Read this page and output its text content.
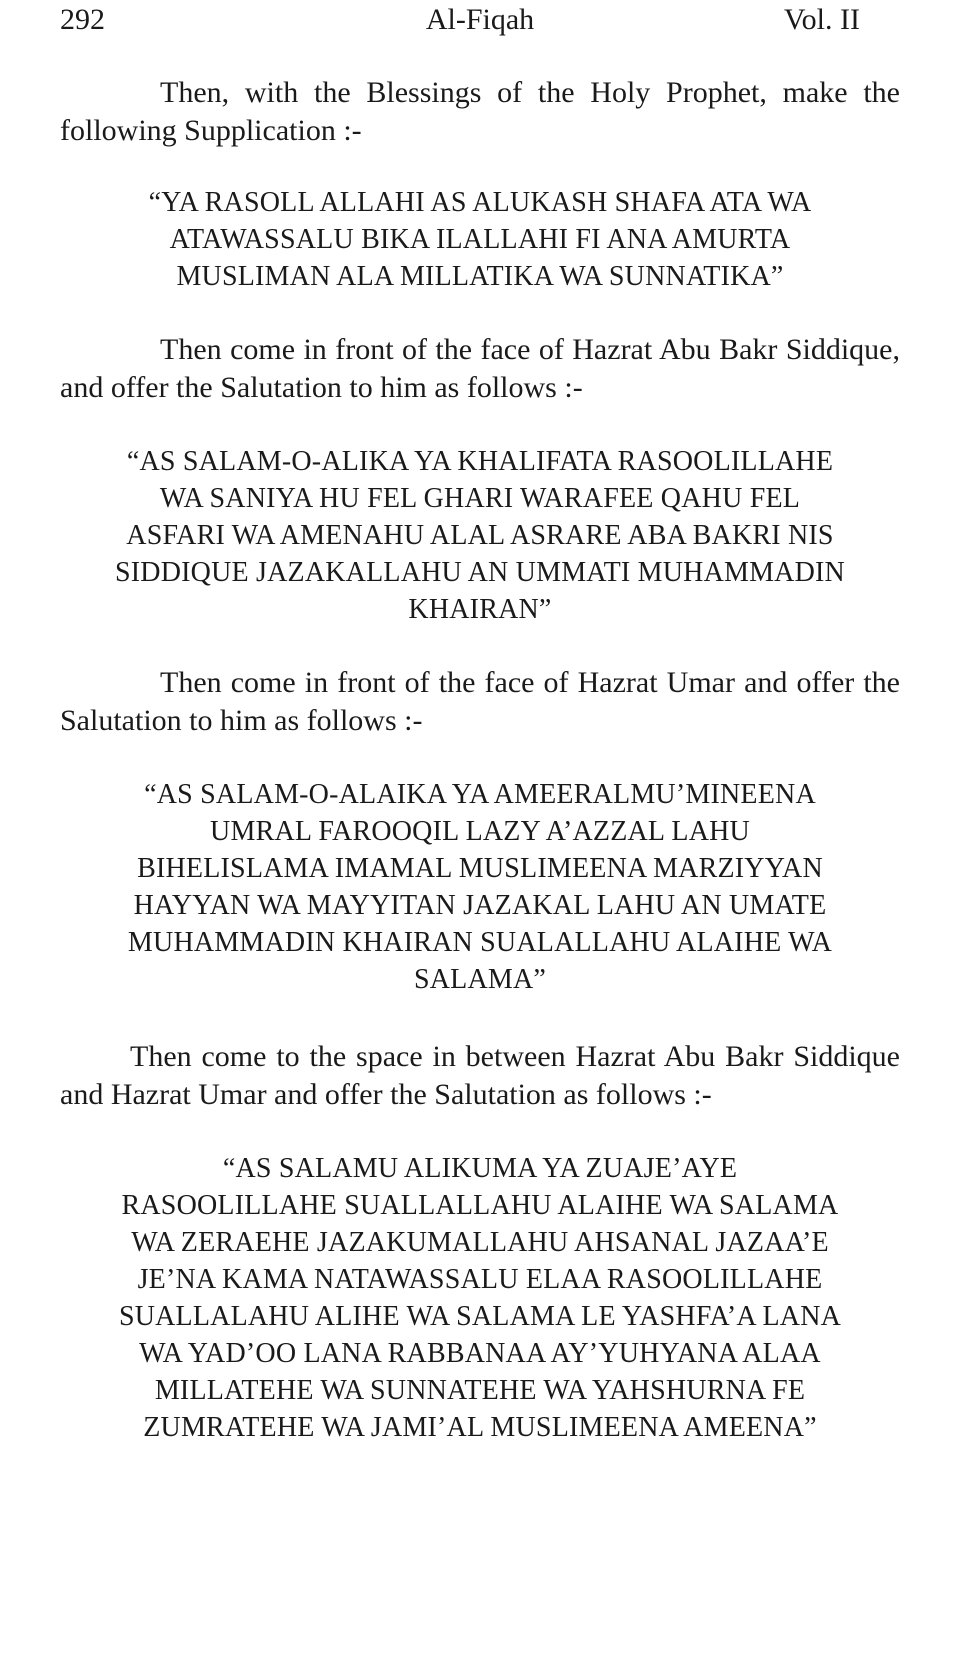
292	Al-Fiqah	Vol. II

Then, with the Blessings of the Holy Prophet, make the following Supplication :-

“YA RASOLL ALLAHI AS ALUKASH SHAFA ATA WA
ATAWASSALU BIKA ILALLAHI FI ANA AMURTA
MUSLIMAN ALA MILLATIKA WA SUNNATIKA”

Then come in front of the face of Hazrat Abu Bakr Siddique, and offer the Salutation to him as follows :-

“AS SALAM-O-ALIKA YA KHALIFATA RASOOLILLAHE
WA SANIYA HU FEL GHARI WARAFEE QAHU FEL
ASFARI WA AMENAHU ALAL ASRARE ABA BAKRI NIS
SIDDIQUE JAZAKALLAHU AN UMMATI MUHAMMADIN
KHAIRAN”

Then come in front of the face of Hazrat Umar and offer the Salutation to him as follows :-

“AS SALAM-O-ALAIKA YA AMEERALMU’MINEENA
UMRAL FAROOQIL LAZY A’AZZAL LAHU
BIHELISLAMA IMAMAL MUSLIMEENA MARZIYYAN
HAYYAN WA MAYYITAN JAZAKAL LAHU AN UMATE
MUHAMMADIN KHAIRAN SUALALLAHU ALAIHE WA
SALAMA”

Then come to the space in between Hazrat Abu Bakr Siddique and Hazrat Umar and offer the Salutation as follows :-

“AS SALAMU ALIKUMA YA ZUAJE’AYE
RASOOLILLAHE SUALLALLAHU ALAIHE WA SALAMA
WA ZERAEHE JAZAKUMALLAHU AHSANAL JAZAA’E
JE’NA KAMA NATAWASSALU ELAA RASOOLILLAHE
SUALLALAHU ALIHE WA SALAMA LE YASHFA’A LANA
WA YAD’OO LANA RABBANAA AY’YUHYANA ALAA
MILLATEHE WA SUNNATEHE WA YAHSHURNA FE
ZUMRATEHE WA JAMI’AL MUSLIMEENA AMEENA”
